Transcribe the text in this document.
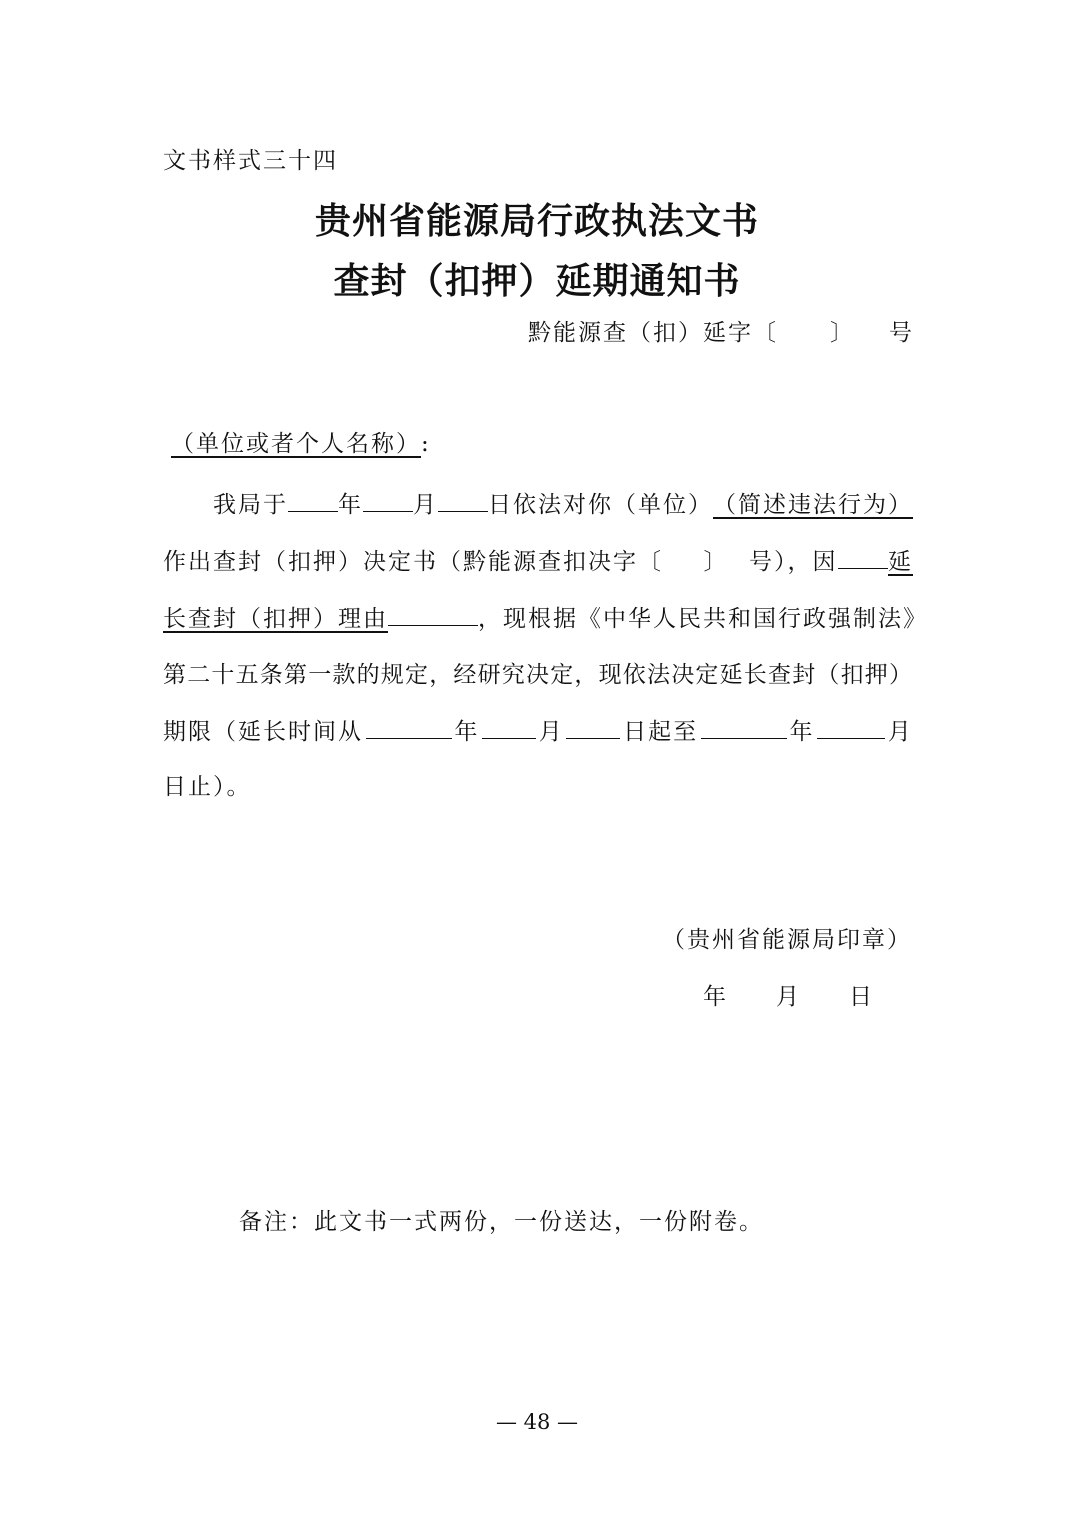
文书样式三十四
贵州省能源局行政执法文书
查封（扣押）延期通知书
黔能源查（扣）延字〔 〕 号
（单位或者个人名称）:
我局于 年 月 日依法对你（单位） （简述违法行为）
作出查封（扣押）决定书（黔能源查扣决字〔 〕 号），因 延
长查封（扣押）理由	，现根据《中华人民共和国行政强制法》
第二十五条第一款的规定，经研究决定，现依法决定延长查封（扣押）
期限（延长时间从	年	月	日起至	年	月
日止）。
（贵州省能源局印章）
年 月 日
备注：此文书一式两份，一份送达，一份附卷。
— 48 —
